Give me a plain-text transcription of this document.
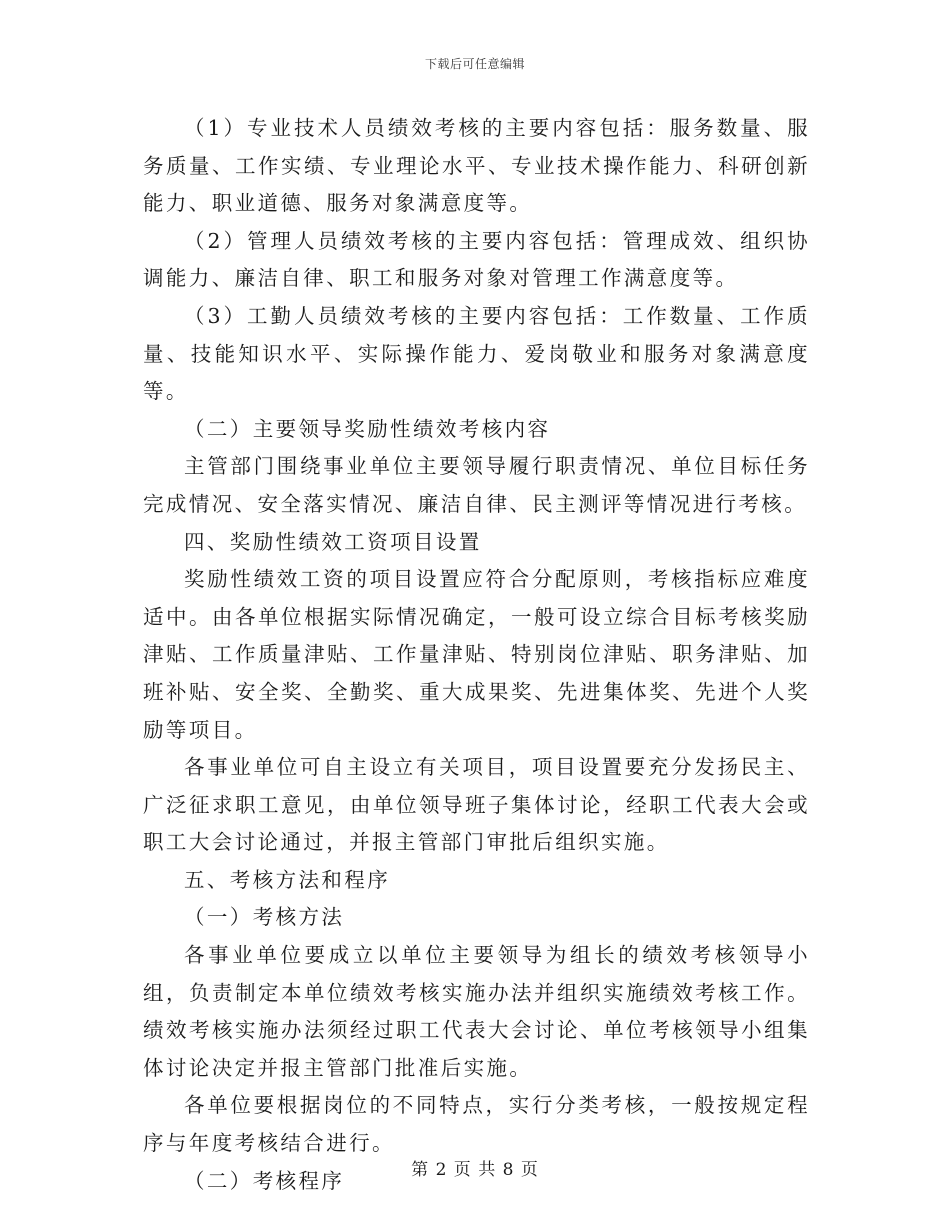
下载后可任意编辑

（1）专业技术人员绩效考核的主要内容包括：服务数量、服务质量、工作实绩、专业理论水平、专业技术操作能力、科研创新能力、职业道德、服务对象满意度等。

（2）管理人员绩效考核的主要内容包括：管理成效、组织协调能力、廉洁自律、职工和服务对象对管理工作满意度等。

（3）工勤人员绩效考核的主要内容包括：工作数量、工作质量、技能知识水平、实际操作能力、爱岗敬业和服务对象满意度等。

（二）主要领导奖励性绩效考核内容

主管部门围绕事业单位主要领导履行职责情况、单位目标任务完成情况、安全落实情况、廉洁自律、民主测评等情况进行考核。

四、奖励性绩效工资项目设置

奖励性绩效工资的项目设置应符合分配原则，考核指标应难度适中。由各单位根据实际情况确定，一般可设立综合目标考核奖励津贴、工作质量津贴、工作量津贴、特别岗位津贴、职务津贴、加班补贴、安全奖、全勤奖、重大成果奖、先进集体奖、先进个人奖励等项目。

各事业单位可自主设立有关项目，项目设置要充分发扬民主、广泛征求职工意见，由单位领导班子集体讨论，经职工代表大会或职工大会讨论通过，并报主管部门审批后组织实施。

五、考核方法和程序

（一）考核方法

各事业单位要成立以单位主要领导为组长的绩效考核领导小组，负责制定本单位绩效考核实施办法并组织实施绩效考核工作。绩效考核实施办法须经过职工代表大会讨论、单位考核领导小组集体讨论决定并报主管部门批准后实施。

各单位要根据岗位的不同特点，实行分类考核，一般按规定程序与年度考核结合进行。

（二）考核程序	第 2 页 共 8 页
